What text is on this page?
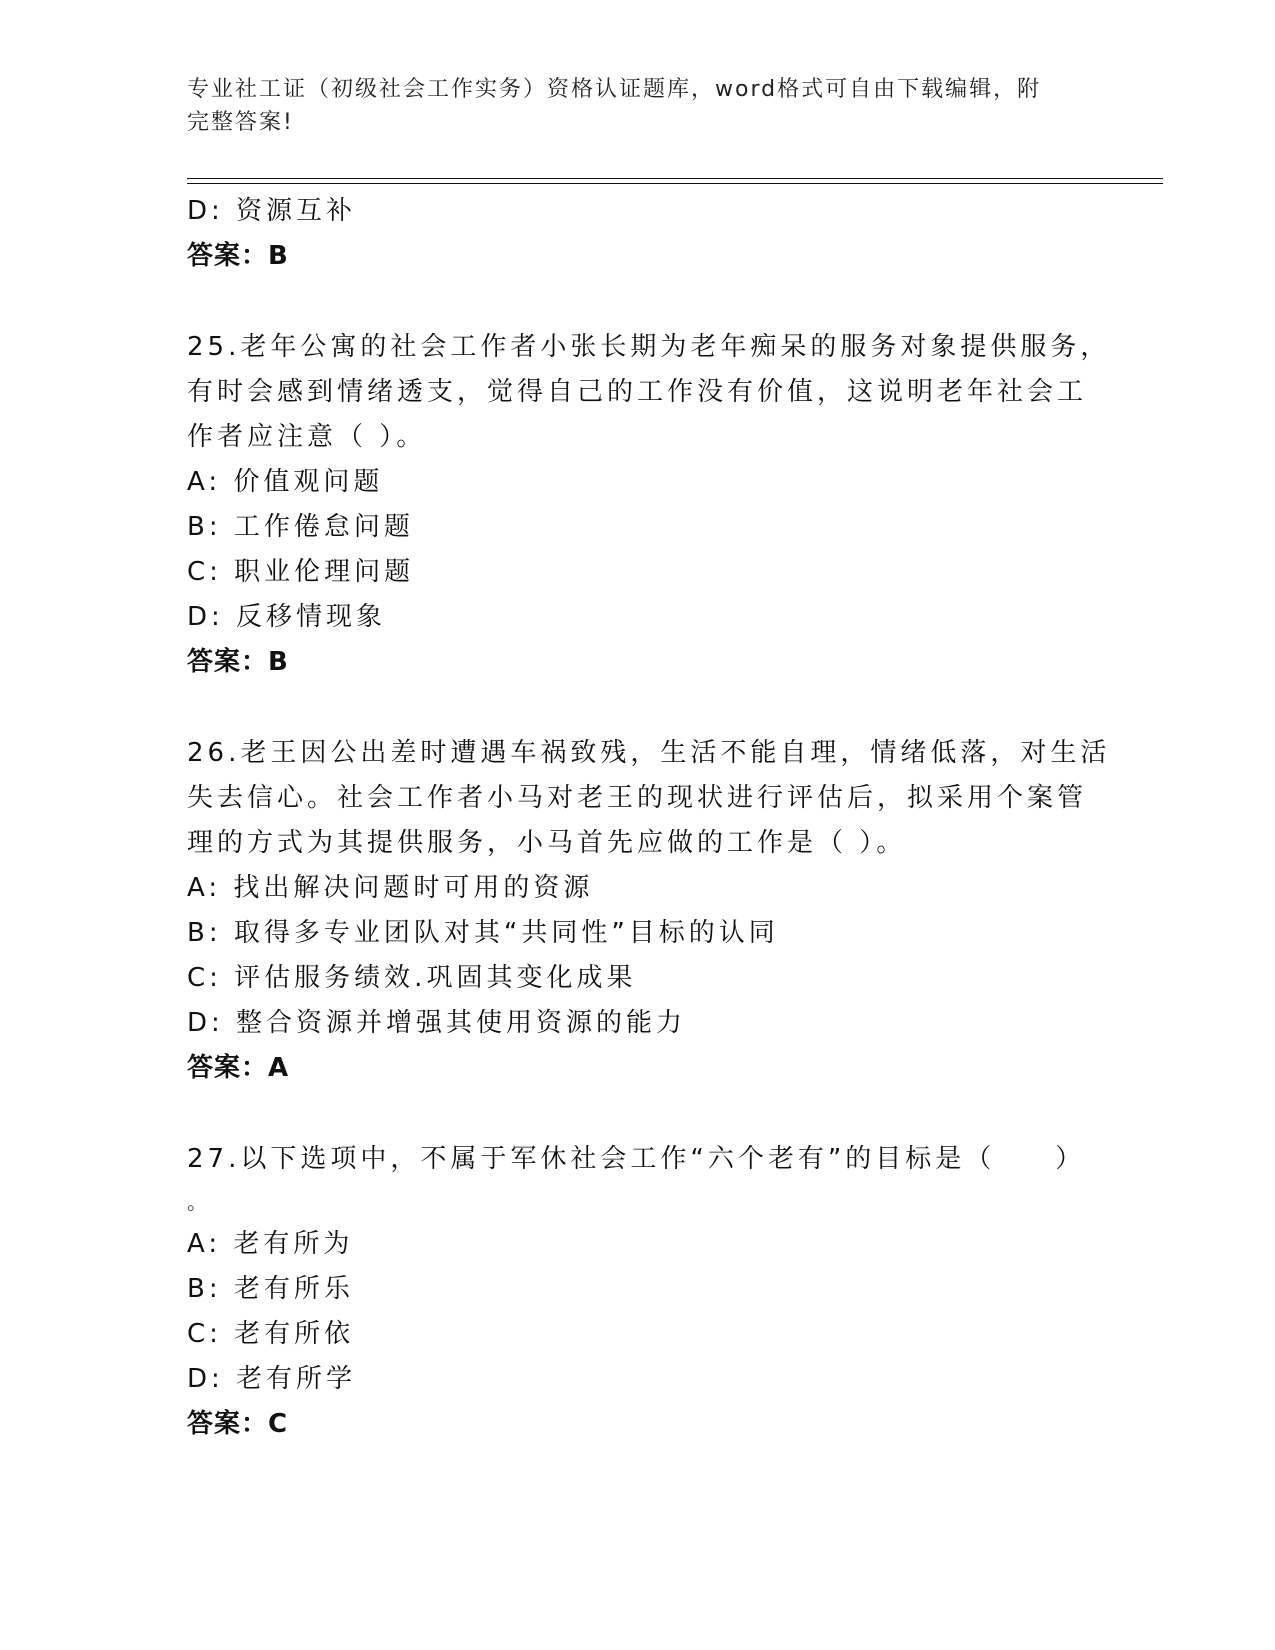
专业社工证（初级社会工作实务）资格认证题库，word格式可自由下载编辑，附
完整答案!
D: 资源互补
答案：B
25.老年公寓的社会工作者小张长期为老年痴呆的服务对象提供服务，
有时会感到情绪透支，觉得自己的工作没有价值，这说明老年社会工
作者应注意（ ）。
A: 价值观问题
B: 工作倦怠问题
C: 职业伦理问题
D: 反移情现象
答案：B
26.老王因公出差时遭遇车祸致残，生活不能自理，情绪低落，对生活
失去信心。社会工作者小马对老王的现状进行评估后，拟采用个案管
理的方式为其提供服务，小马首先应做的工作是（ ）。
A: 找出解决问题时可用的资源
B: 取得多专业团队对其“共同性”目标的认同
C: 评估服务绩效.巩固其变化成果
D: 整合资源并增强其使用资源的能力
答案：A
27.以下选项中，不属于军休社会工作“六个老有”的目标是（　　）
。
A: 老有所为
B: 老有所乐
C: 老有所依
D: 老有所学
答案：C
